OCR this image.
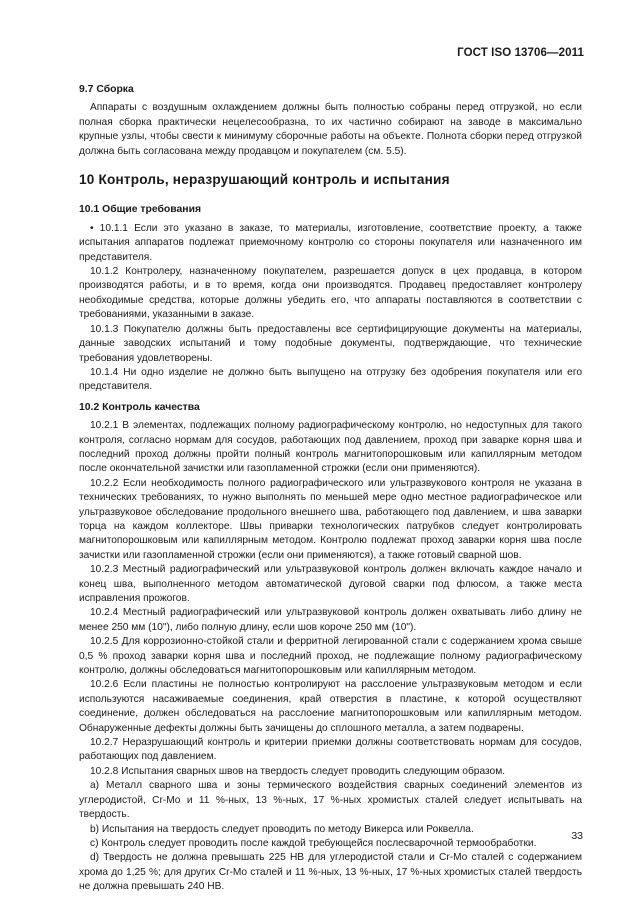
ГОСТ ISO 13706—2011
9.7 Сборка

Аппараты с воздушным охлаждением должны быть полностью собраны перед отгрузкой, но если полная сборка практически нецелесообразна, то их частично собирают на заводе в максимально крупные узлы, чтобы свести к минимуму сборочные работы на объекте. Полнота сборки перед отгрузкой должна быть согласована между продавцом и покупателем (см. 5.5).

10 Контроль, неразрушающий контроль и испытания
10.1 Общие требования

• 10.1.1 Если это указано в заказе, то материалы, изготовление, соответствие проекту, а также испытания аппаратов подлежат приемочному контролю со стороны покупателя или назначенного им представителя.

10.1.2 Контролеру, назначенному покупателем, разрешается допуск в цех продавца, в котором производятся работы, и в то время, когда они производятся. Продавец предоставляет контролеру необходимые средства, которые должны убедить его, что аппараты поставляются в соответствии с требованиями, указанными в заказе.

10.1.3 Покупателю должны быть предоставлены все сертифицирующие документы на материалы, данные заводских испытаний и тому подобные документы, подтверждающие, что технические требования удовлетворены.

10.1.4 Ни одно изделие не должно быть выпущено на отгрузку без одобрения покупателя или его представителя.

10.2 Контроль качества

10.2.1 В элементах, подлежащих полному радиографическому контролю, но недоступных для такого контроля, согласно нормам для сосудов, работающих под давлением, проход при заварке корня шва и последний проход должны пройти полный контроль магнитопорошковым или капиллярным методом после окончательной зачистки или газопламенной строжки (если они применяются).

10.2.2 Если необходимость полного радиографического или ультразвукового контроля не указана в технических требованиях, то нужно выполнять по меньшей мере одно местное радиографическое или ультразвуковое обследование продольного внешнего шва, работающего под давлением, и шва заварки торца на каждом коллекторе. Швы приварки технологических патрубков следует контролировать магнитопорошковым или капиллярным методом. Контролю подлежат проход заварки корня шва после зачистки или газопламенной строжки (если они применяются), а также готовый сварной шов.

10.2.3 Местный радиографический или ультразвуковой контроль должен включать каждое начало и конец шва, выполненного методом автоматической дуговой сварки под флюсом, а также места исправления прожогов.

10.2.4 Местный радиографический или ультразвуковой контроль должен охватывать либо длину не менее 250 мм (10"), либо полную длину, если шов короче 250 мм (10").

10.2.5 Для коррозионно-стойкой стали и ферритной легированной стали с содержанием хрома свыше 0,5 % проход заварки корня шва и последний проход, не подлежащие полному радиографическому контролю, должны обследоваться магнитопорошковым или капиллярным методом.

10.2.6 Если пластины не полностью контролируют на расслоение ультразвуковым методом и если используются насаживаемые соединения, край отверстия в пластине, к которой осуществляют соединение, должен обследоваться на расслоение магнитопорошковым или капиллярным методом. Обнаруженные дефекты должны быть зачищены до сплошного металла, а затем подварены.

10.2.7 Неразрушающий контроль и критерии приемки должны соответствовать нормам для сосудов, работающих под давлением.

10.2.8 Испытания сварных швов на твердость следует проводить следующим образом.

a) Металл сварного шва и зоны термического воздействия сварных соединений элементов из углеродистой, Cr-Mo и 11 %-ных, 13 %-ных, 17 %-ных хромистых сталей следует испытывать на твердость.

b) Испытания на твердость следует проводить по методу Викерса или Роквелла.

c) Контроль следует проводить после каждой требующейся послесварочной термообработки.

d) Твердость не должна превышать 225 HB для углеродистой стали и Cr-Mo сталей с содержанием хрома до 1,25 %; для других Cr-Mo сталей и 11 %-ных, 13 %-ных, 17 %-ных хромистых сталей твердость не должна превышать 240 HB.

33
